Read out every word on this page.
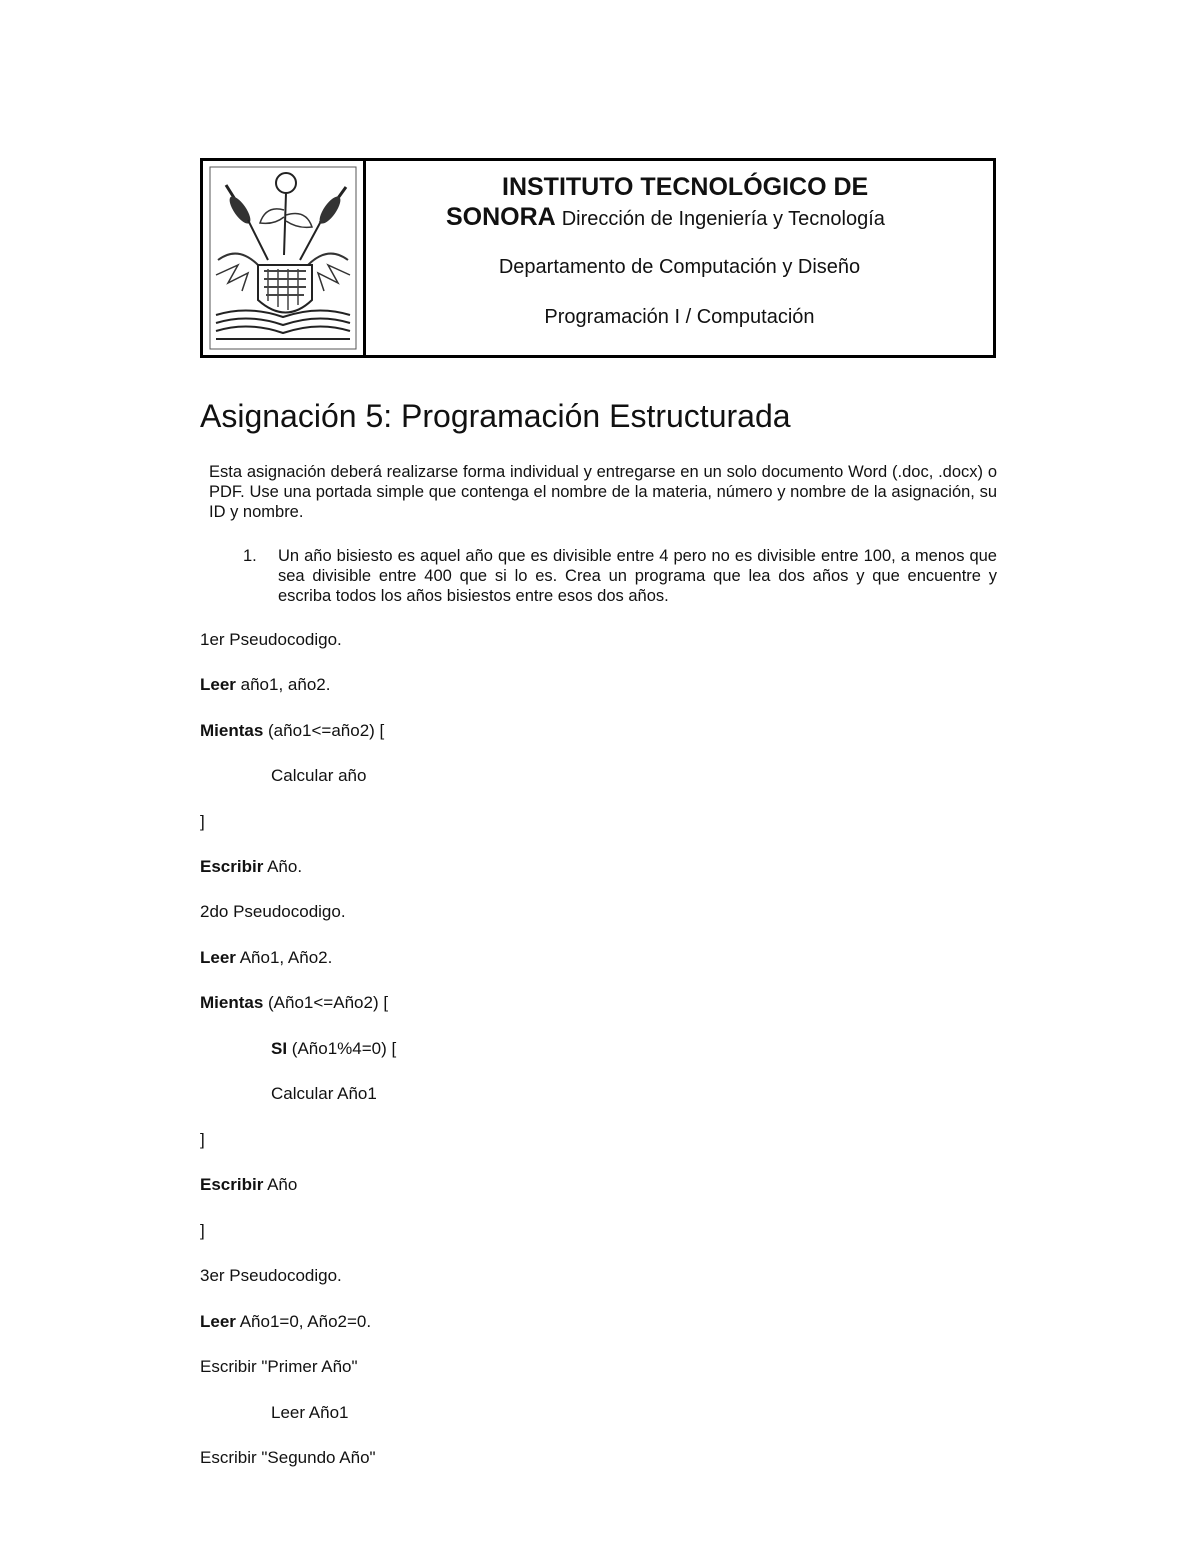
INSTITUTO TECNOLÓGICO DE
SONORA Dirección de Ingeniería y Tecnología
Departamento de Computación y Diseño
Programación I / Computación
Asignación 5: Programación Estructurada
Esta asignación deberá realizarse forma individual y entregarse en un solo documento Word (.doc, .docx) o PDF. Use una portada simple que contenga el nombre de la materia, número y nombre de la asignación, su ID y nombre.
1. Un año bisiesto es aquel año que es divisible entre 4 pero no es divisible entre 100, a menos que sea divisible entre 400 que si lo es. Crea un programa que lea dos años y que encuentre y escriba todos los años bisiestos entre esos dos años.
1er Pseudocodigo.
Leer año1, año2.
Mientas (año1<=año2) [
Calcular año
]
Escribir Año.
2do Pseudocodigo.
Leer Año1, Año2.
Mientas (Año1<=Año2) [
SI (Año1%4=0) [
Calcular Año1
]
Escribir Año
]
3er Pseudocodigo.
Leer Año1=0, Año2=0.
Escribir "Primer Año"
Leer Año1
Escribir "Segundo Año"
